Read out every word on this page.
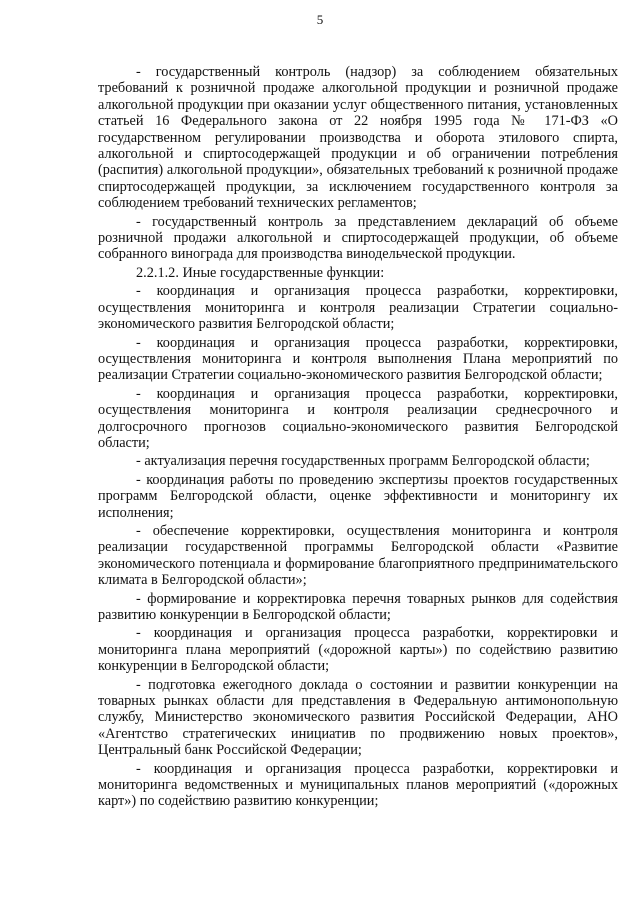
5

- государственный контроль (надзор) за соблюдением обязательных требований к розничной продаже алкогольной продукции и розничной продаже алкогольной продукции при оказании услуг общественного питания, установленных статьей 16 Федерального закона от 22 ноября 1995 года № 171-ФЗ «О государственном регулировании производства и оборота этилового спирта, алкогольной и спиртосодержащей продукции и об ограничении потребления (распития) алкогольной продукции», обязательных требований к розничной продаже спиртосодержащей продукции, за исключением государственного контроля за соблюдением требований технических регламентов;

- государственный контроль за представлением деклараций об объеме розничной продажи алкогольной и спиртосодержащей продукции, об объеме собранного винограда для производства винодельческой продукции.

2.2.1.2. Иные государственные функции:

- координация и организация процесса разработки, корректировки, осуществления мониторинга и контроля реализации Стратегии социально-экономического развития Белгородской области;

- координация и организация процесса разработки, корректировки, осуществления мониторинга и контроля выполнения Плана мероприятий по реализации Стратегии социально-экономического развития Белгородской области;

- координация и организация процесса разработки, корректировки, осуществления мониторинга и контроля реализации среднесрочного и долгосрочного прогнозов социально-экономического развития Белгородской области;

- актуализация перечня государственных программ Белгородской области;

- координация работы по проведению экспертизы проектов государственных программ Белгородской области, оценке эффективности и мониторингу их исполнения;

- обеспечение корректировки, осуществления мониторинга и контроля реализации государственной программы Белгородской области «Развитие экономического потенциала и формирование благоприятного предпринимательского климата в Белгородской области»;

- формирование и корректировка перечня товарных рынков для содействия развитию конкуренции в Белгородской области;

- координация и организация процесса разработки, корректировки и мониторинга плана мероприятий («дорожной карты») по содействию развитию конкуренции в Белгородской области;

- подготовка ежегодного доклада о состоянии и развитии конкуренции на товарных рынках области для представления в Федеральную антимонопольную службу, Министерство экономического развития Российской Федерации, АНО «Агентство стратегических инициатив по продвижению новых проектов», Центральный банк Российской Федерации;

- координация и организация процесса разработки, корректировки и мониторинга ведомственных и муниципальных планов мероприятий («дорожных карт») по содействию развитию конкуренции;
